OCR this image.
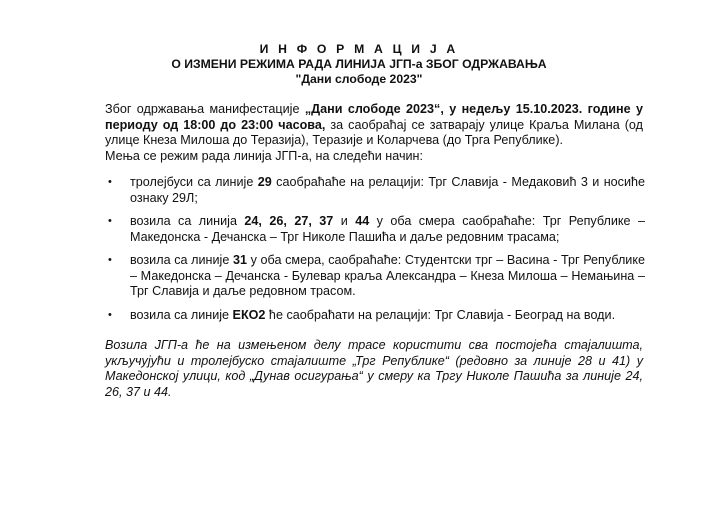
И Н Ф О Р М А Ц И Ј А
О ИЗМЕНИ РЕЖИМА РАДА ЛИНИЈА ЈГП-а ЗБОГ ОДРЖАВАЊА
"Дани слободе 2023"

Због одржавања манифестације „Дани слободе 2023“, у недељу 15.10.2023. године у периоду од 18:00 до 23:00 часова, за саобраћај се затварају улице Краља Милана (од улице Кнеза Милоша до Теразија), Теразије и Коларчева (до Трга Републике).

Мења се режим рада линија ЈГП-а, на следећи начин:

• тролејбуси са линије 29 саобраћаће на релацији: Трг Славија - Медаковић 3 и носиће ознаку 29Л;
• возила са линија 24, 26, 27, 37 и 44 у оба смера саобраћаће: Трг Републике – Македонска - Дечанска – Трг Николе Пашића и даље редовним трасама;
• возила са линије 31 у оба смера, саобраћаће: Студентски трг – Васина - Трг Републике – Македонска – Дечанска - Булевар краља Александра – Кнеза Милоша – Немањина – Трг Славија и даље редовном трасом.
• возила са линије ЕКО2 ће саобраћати на релацији: Трг Славија - Београд на води.
Возила ЈГП-а ће на измењеном делу трасе користити сва постојећа стајалишта, укључујући и тролејбуско стајалиште „Трг Републике“ (редовно за линије 28 и 41) у Македонској улици, код „Дунав осигурања“ у смеру ка Тргу Николе Пашића за линије 24, 26, 37 и 44.
